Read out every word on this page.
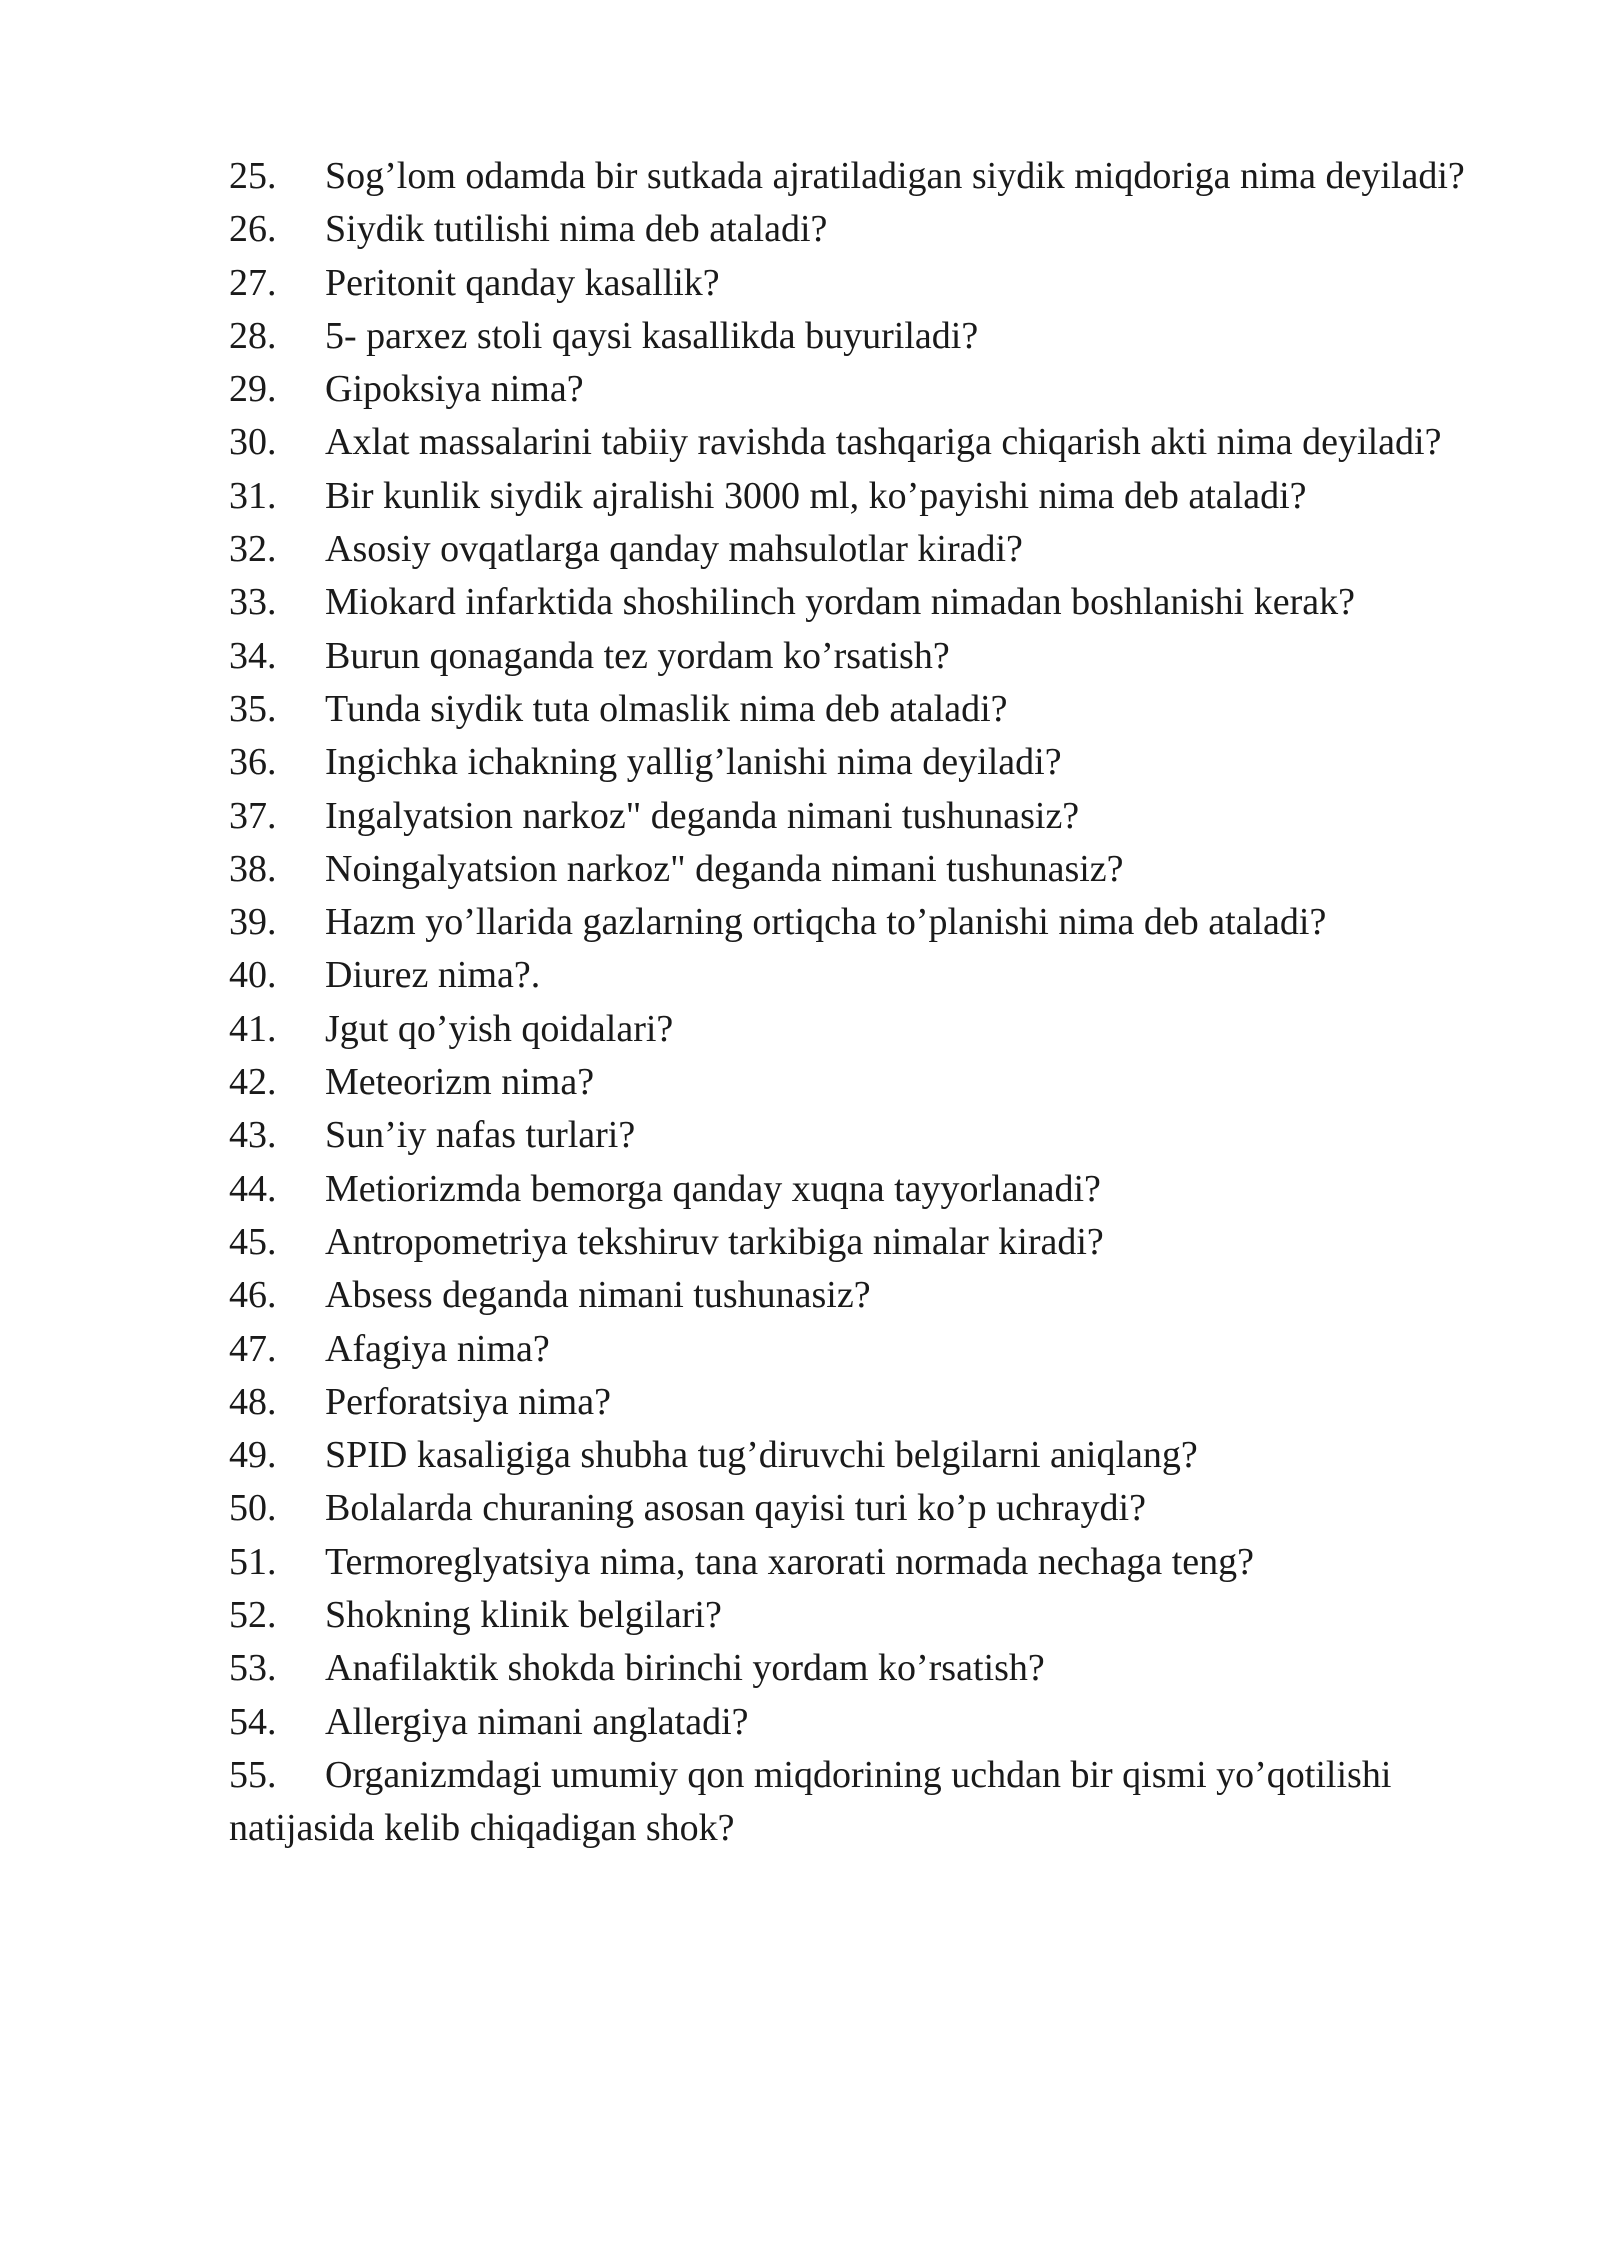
25. Sog’lom odamda bir sutkada ajratiladigan siydik miqdoriga nima deyiladi?
26. Siydik tutilishi nima deb ataladi?
27. Peritonit qanday kasallik?
28. 5- parxez stoli qaysi kasallikda buyuriladi?
29. Gipoksiya nima?
30. Axlat massalarini tabiiy ravishda tashqariga chiqarish akti nima deyiladi?
31. Bir kunlik siydik ajralishi 3000 ml, ko’payishi nima deb ataladi?
32. Asosiy ovqatlarga qanday mahsulotlar kiradi?
33. Miokard infarktida shoshilinch yordam nimadan boshlanishi kerak?
34. Burun qonaganda tez yordam ko’rsatish?
35. Tunda siydik tuta olmaslik nima deb ataladi?
36. Ingichka ichakning yallig’lanishi nima deyiladi?
37. Ingalyatsion narkoz" deganda nimani tushunasiz?
38. Noingalyatsion narkoz" deganda nimani tushunasiz?
39. Hazm yo’llarida gazlarning ortiqcha to’planishi nima deb ataladi?
40. Diurez nima?.
41. Jgut qo’yish qoidalari?
42. Meteorizm nima?
43. Sun’iy nafas turlari?
44. Metiorizmda bemorga qanday xuqna tayyorlanadi?
45. Antropometriya tekshiruv tarkibiga nimalar kiradi?
46. Absess deganda nimani tushunasiz?
47. Afagiya nima?
48. Perforatsiya nima?
49. SPID kasaligiga shubha tug’diruvchi belgilarni aniqlang?
50. Bolalarda churaning asosan qayisi turi ko’p uchraydi?
51. Termoreglyatsiya nima, tana xarorati normada nechaga teng?
52. Shokning klinik belgilari?
53. Anafilaktik shokda birinchi yordam ko’rsatish?
54. Allergiya nimani anglatadi?
55. Organizmdagi umumiy qon miqdorining uchdan bir qismi yo’qotilishi natijasida kelib chiqadigan shok?
